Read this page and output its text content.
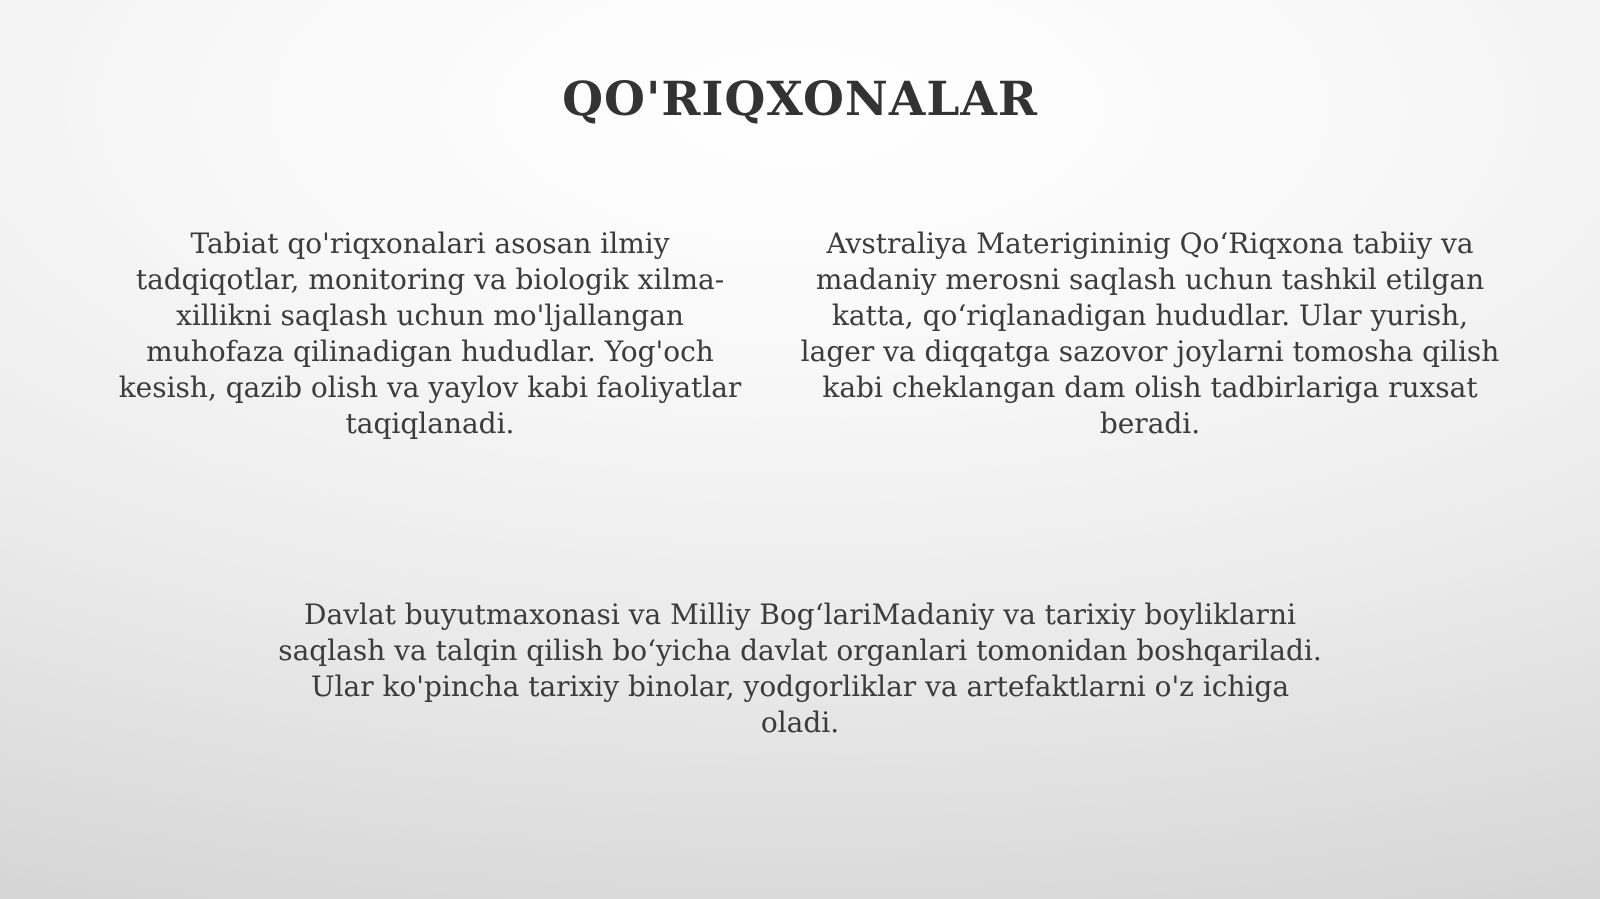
QO'RIQXONALAR

Tabiat qo'riqxonalari asosan ilmiy tadqiqotlar, monitoring va biologik xilma-xillikni saqlash uchun mo'ljallangan muhofaza qilinadigan hududlar. Yog'och kesish, qazib olish va yaylov kabi faoliyatlar taqiqlanadi.

Avstraliya Materigininig Qo‘Riqxona tabiiy va madaniy merosni saqlash uchun tashkil etilgan katta, qo‘riqlanadigan hududlar. Ular yurish, lager va diqqatga sazovor joylarni tomosha qilish kabi cheklangan dam olish tadbirlariga ruxsat beradi.

Davlat buyutmaxonasi va Milliy Bog‘lariMadaniy va tarixiy boyliklarni saqlash va talqin qilish bo‘yicha davlat organlari tomonidan boshqariladi. Ular ko'pincha tarixiy binolar, yodgorliklar va artefaktlarni o'z ichiga oladi.
